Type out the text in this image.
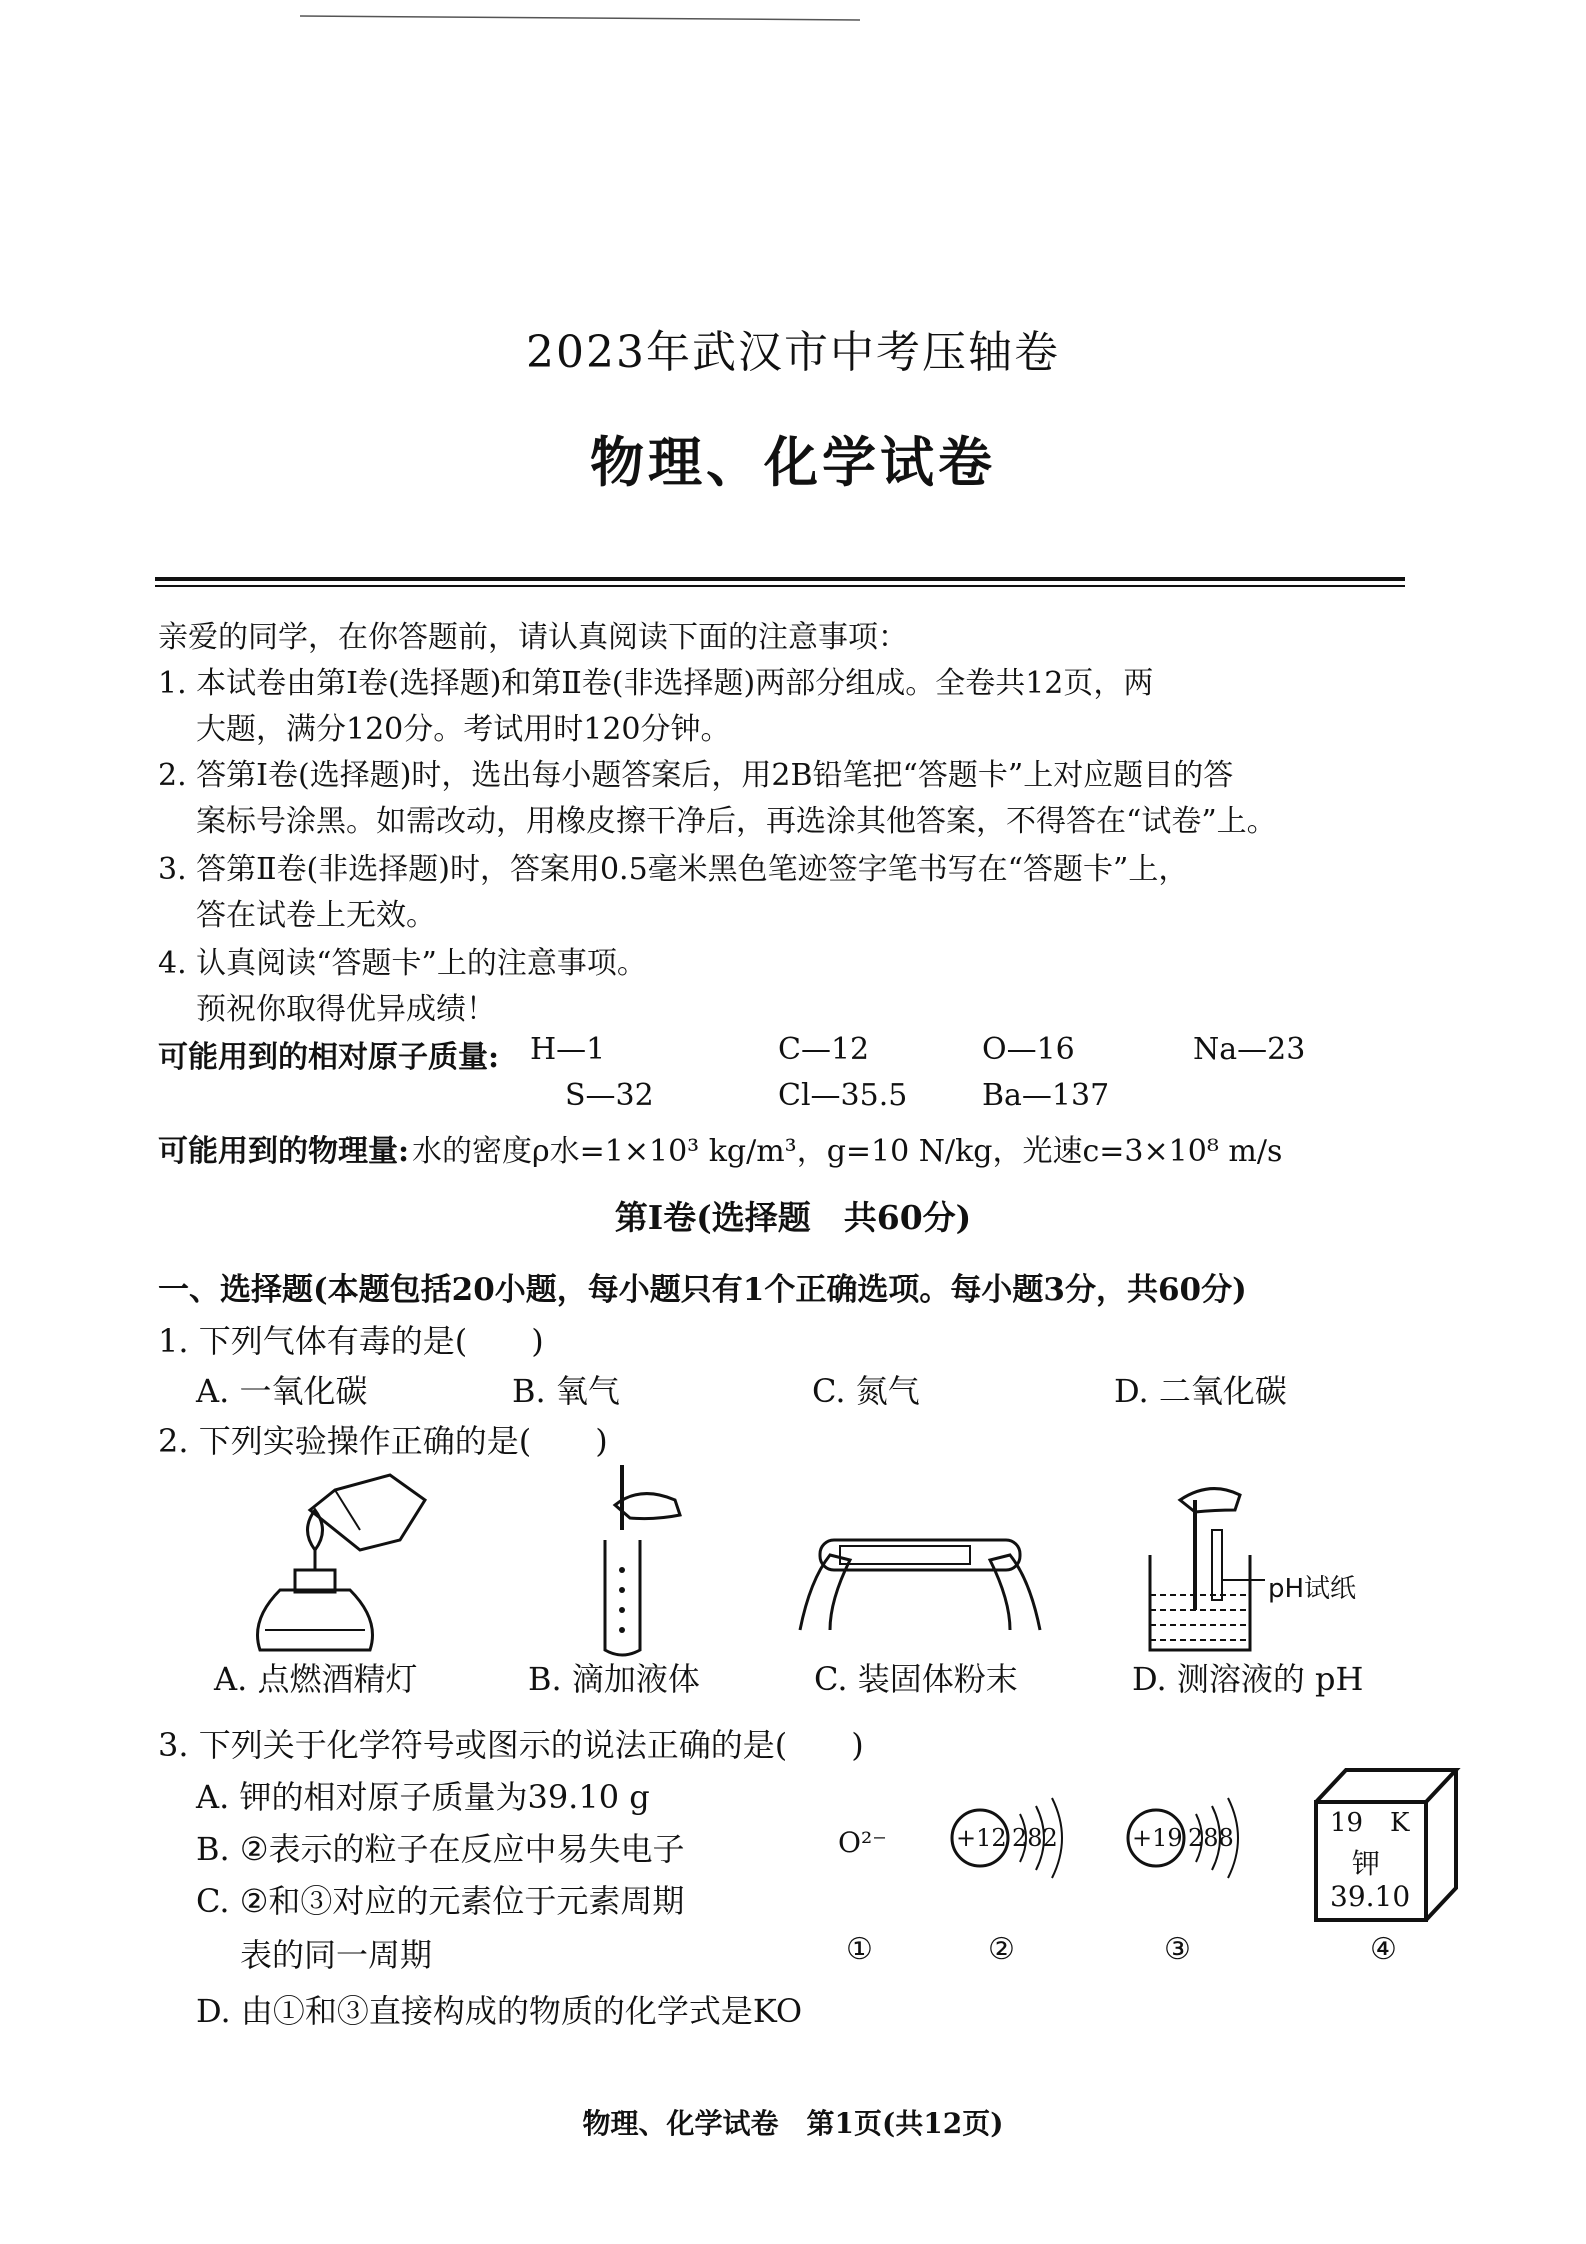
2023年武汉市中考压轴卷
物理、化学试卷
亲爱的同学，在你答题前，请认真阅读下面的注意事项：
1. 本试卷由第Ⅰ卷(选择题)和第Ⅱ卷(非选择题)两部分组成。全卷共12页，两
大题，满分120分。考试用时120分钟。
2. 答第Ⅰ卷(选择题)时，选出每小题答案后，用2B铅笔把“答题卡”上对应题目的答
案标号涂黑。如需改动，用橡皮擦干净后，再选涂其他答案，不得答在“试卷”上。
3. 答第Ⅱ卷(非选择题)时，答案用0.5毫米黑色笔迹签字笔书写在“答题卡”上，
答在试卷上无效。
4. 认真阅读“答题卡”上的注意事项。
预祝你取得优异成绩！
可能用到的相对原子质量: H—1	C—12	O—16	Na—23
S—32	Cl—35.5 Ba—137
可能用到的物理量: 水的密度ρ水=1×10³ kg/m³，g=10 N/kg，光速c=3×10⁸ m/s
第Ⅰ卷(选择题　共60分)
一、选择题(本题包括20小题，每小题只有1个正确选项。每小题3分，共60分)
1. 下列气体有毒的是(　　)
A. 一氧化碳	B. 氧气	C. 氮气	D. 二氧化碳
2. 下列实验操作正确的是(　　)
A. 点燃酒精灯	B. 滴加液体	C. 装固体粉末
pH试纸
D. 测溶液的 pH
3. 下列关于化学符号或图示的说法正确的是(　　)
A. 钾的相对原子质量为39.10 g
B. ②表示的粒子在反应中易失电子
C. ②和③对应的元素位于元素周期
表的同一周期
D. 由①和③直接构成的物质的化学式是KO
O²⁻	+12 282	+19 288	19 K
钾
39.10
①	②	③	④
物理、化学试卷　第1页(共12页)
